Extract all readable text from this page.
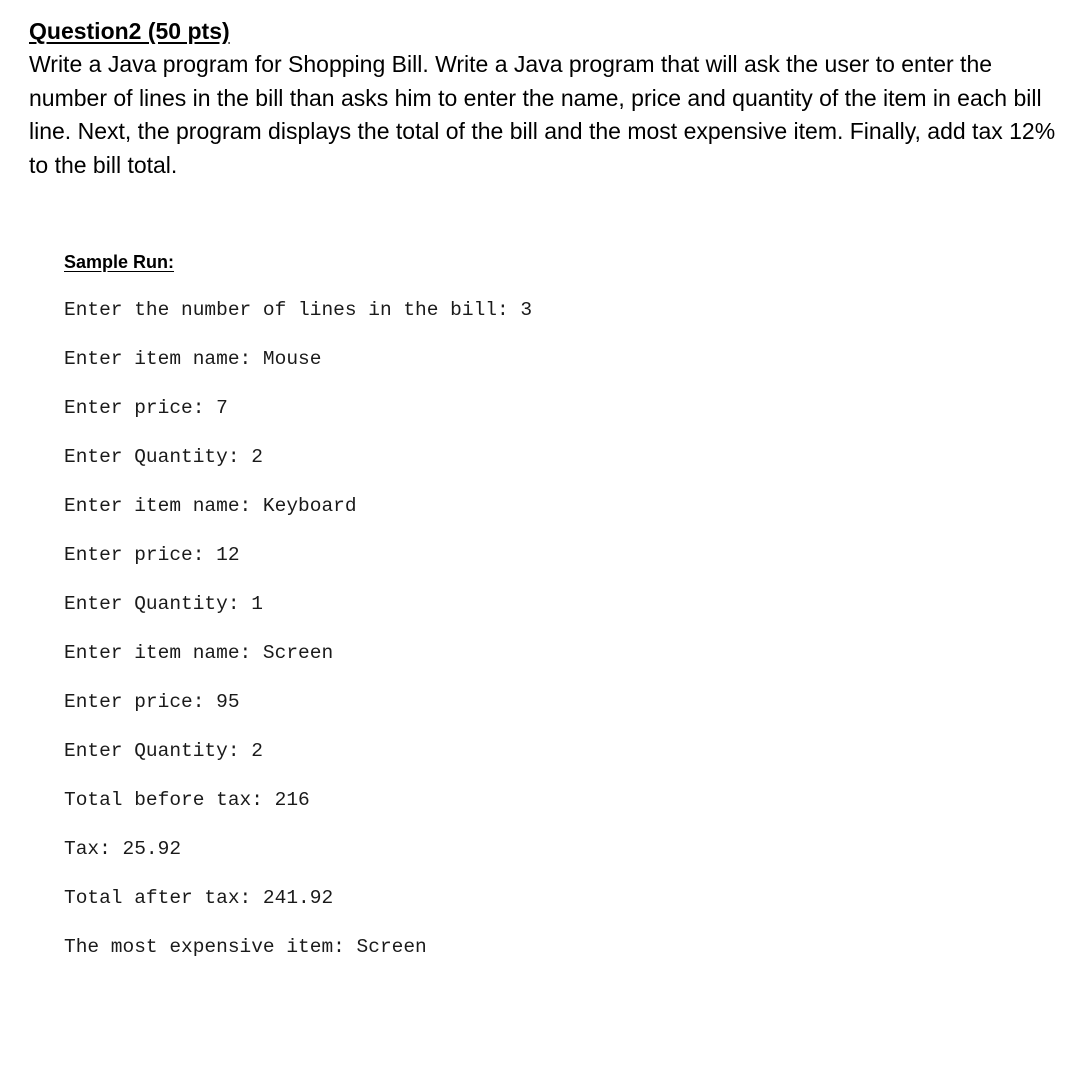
Question2 (50 pts)

Write a Java program for Shopping Bill. Write a Java program that will ask the user to enter the number of lines in the bill than asks him to enter the name, price and quantity of the item in each bill line. Next, the program displays the total of the bill and the most expensive item. Finally, add tax 12% to the bill total.

Sample Run:
Enter the number of lines in the bill: 3
Enter item name: Mouse
Enter price: 7
Enter Quantity: 2
Enter item name: Keyboard
Enter price: 12
Enter Quantity: 1
Enter item name: Screen
Enter price: 95
Enter Quantity: 2
Total before tax: 216
Tax: 25.92
Total after tax: 241.92
The most expensive item: Screen
